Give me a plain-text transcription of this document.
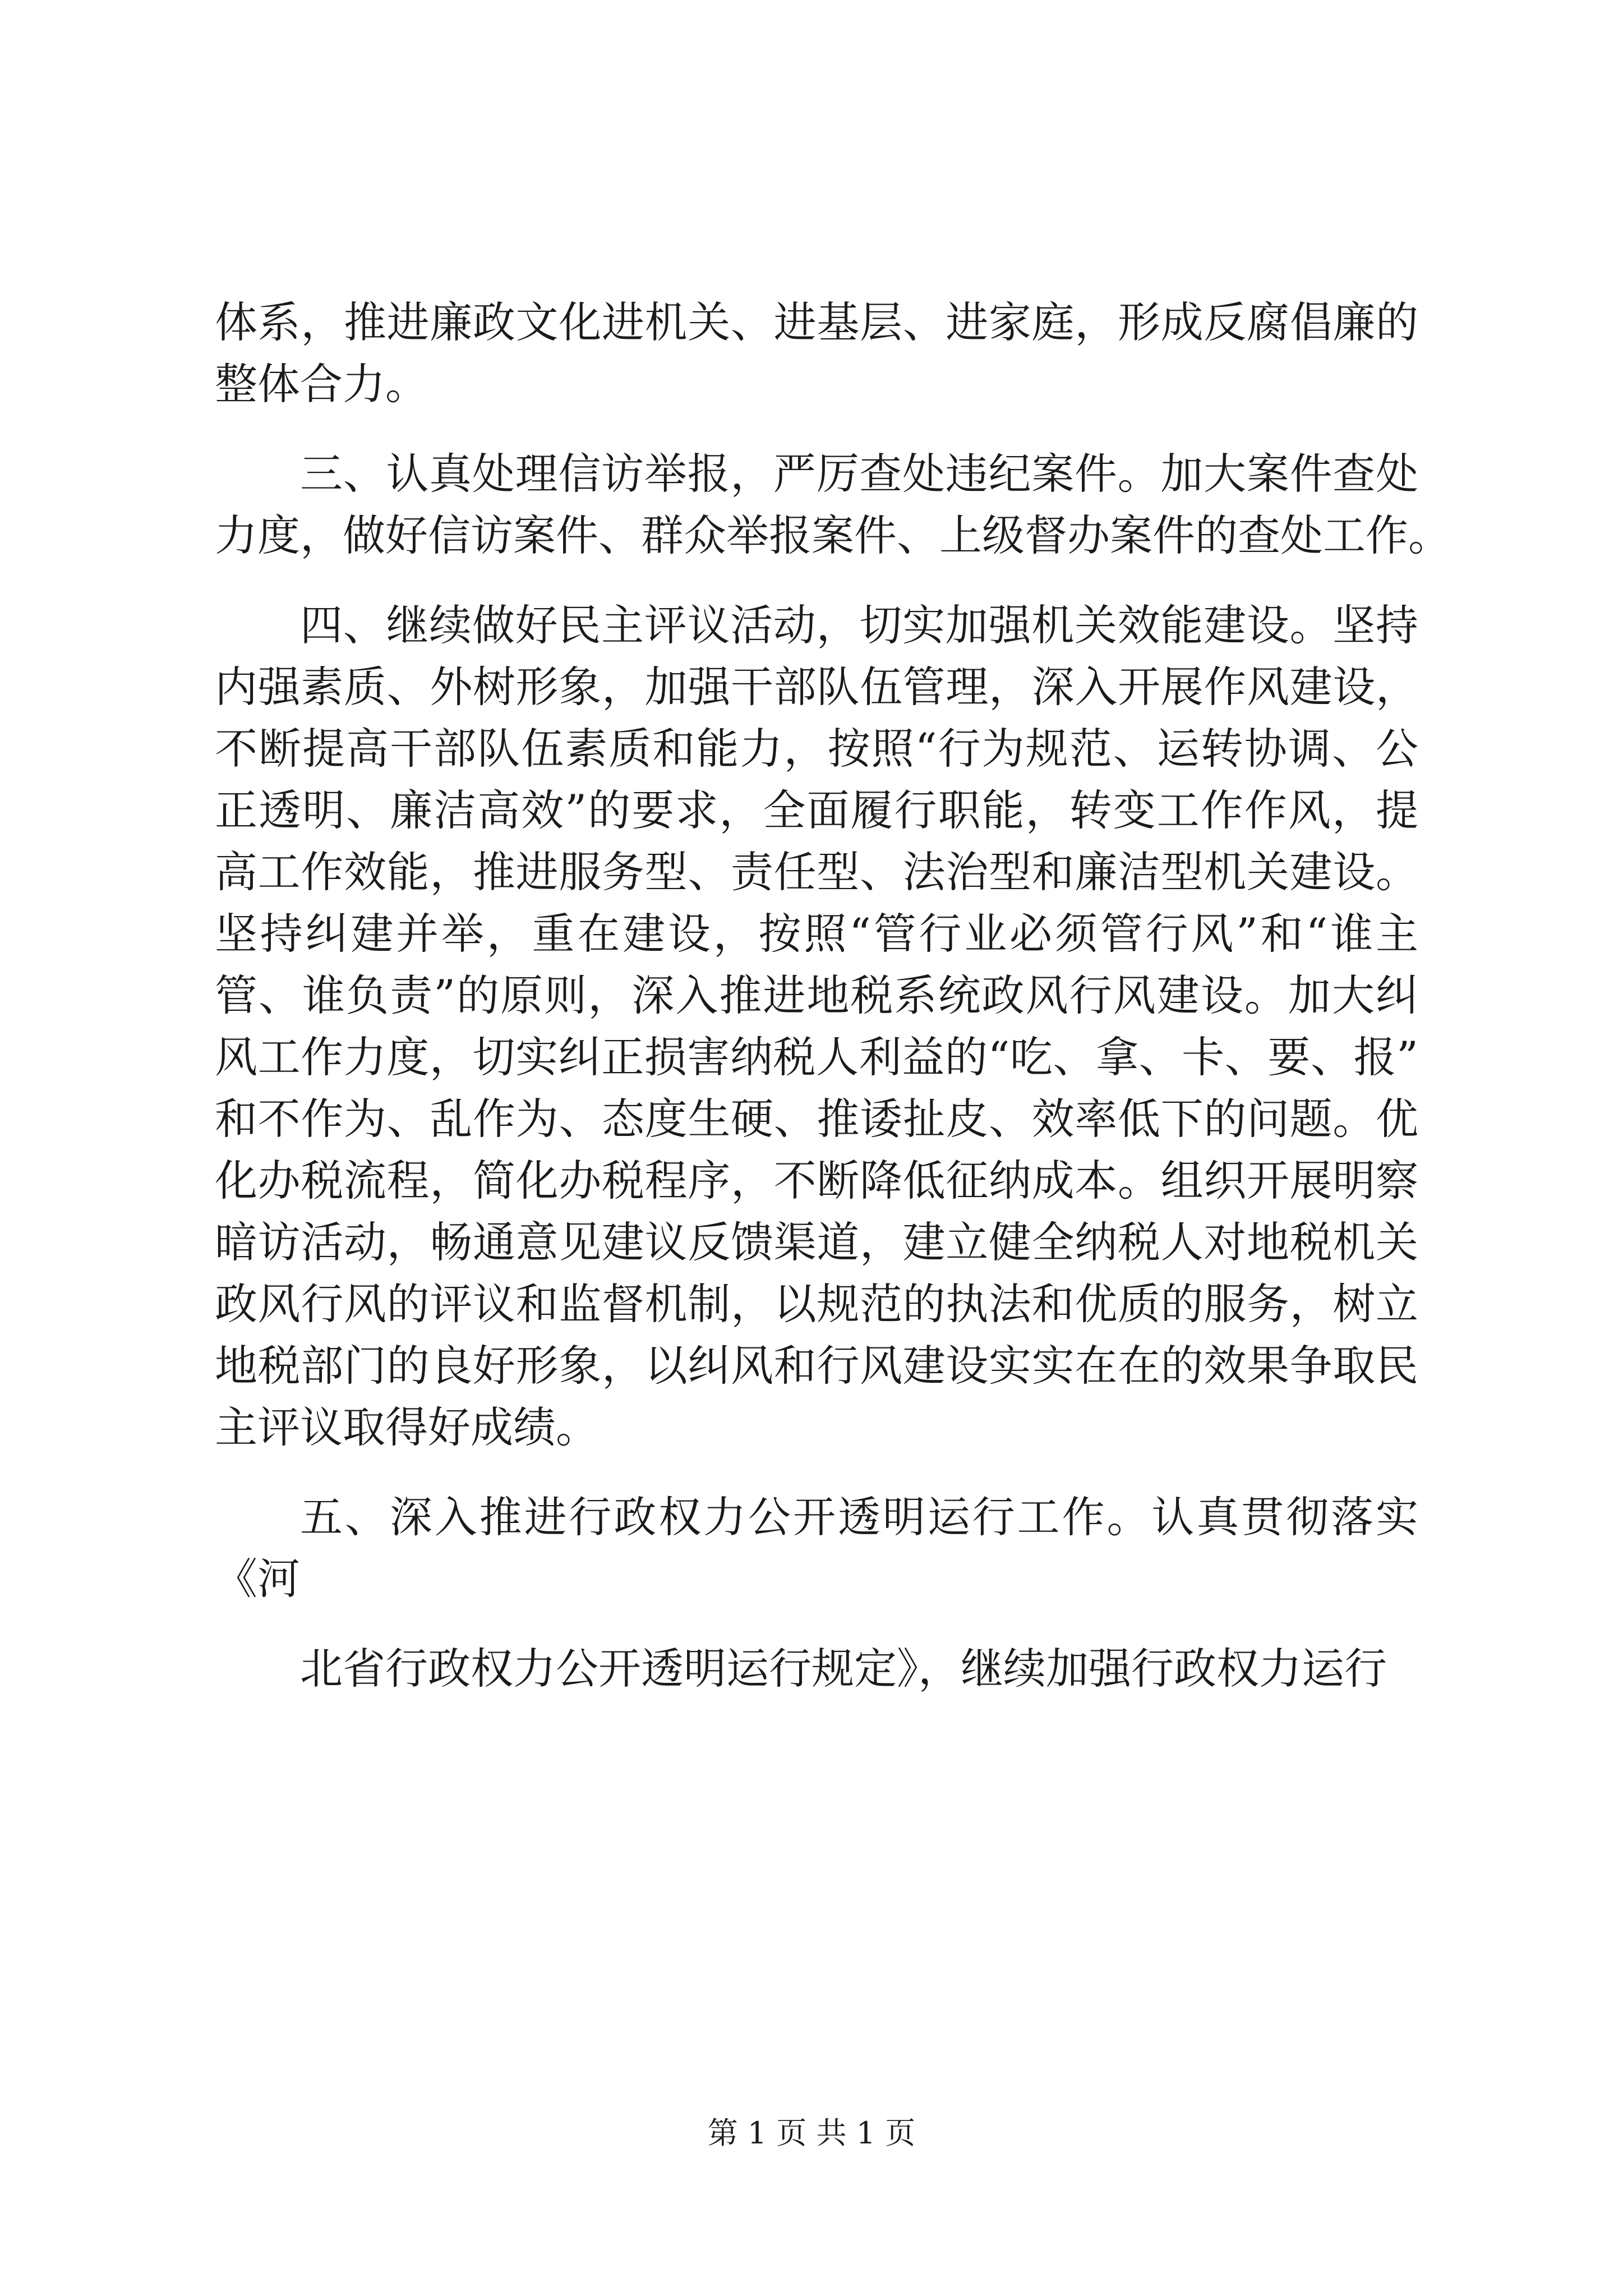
体系，推进廉政文化进机关、进基层、进家庭，形成反腐倡廉的
整体合力。
三、认真处理信访举报，严厉查处违纪案件。加大案件查处
力度，做好信访案件、群众举报案件、上级督办案件的查处工作。
四、继续做好民主评议活动，切实加强机关效能建设。坚持
内强素质、外树形象，加强干部队伍管理，深入开展作风建设，
不断提高干部队伍素质和能力，按照“行为规范、运转协调、公
正透明、廉洁高效”的要求，全面履行职能，转变工作作风，提
高工作效能，推进服务型、责任型、法治型和廉洁型机关建设。
坚持纠建并举，重在建设，按照“管行业必须管行风”和“谁主
管、谁负责”的原则，深入推进地税系统政风行风建设。加大纠
风工作力度，切实纠正损害纳税人利益的“吃、拿、卡、要、报”
和不作为、乱作为、态度生硬、推诿扯皮、效率低下的问题。优
化办税流程，简化办税程序，不断降低征纳成本。组织开展明察
暗访活动，畅通意见建议反馈渠道，建立健全纳税人对地税机关
政风行风的评议和监督机制，以规范的执法和优质的服务，树立
地税部门的良好形象，以纠风和行风建设实实在在的效果争取民
主评议取得好成绩。
五、深入推进行政权力公开透明运行工作。认真贯彻落实
《河
北省行政权力公开透明运行规定》，继续加强行政权力运行
第 1 页 共 1 页
